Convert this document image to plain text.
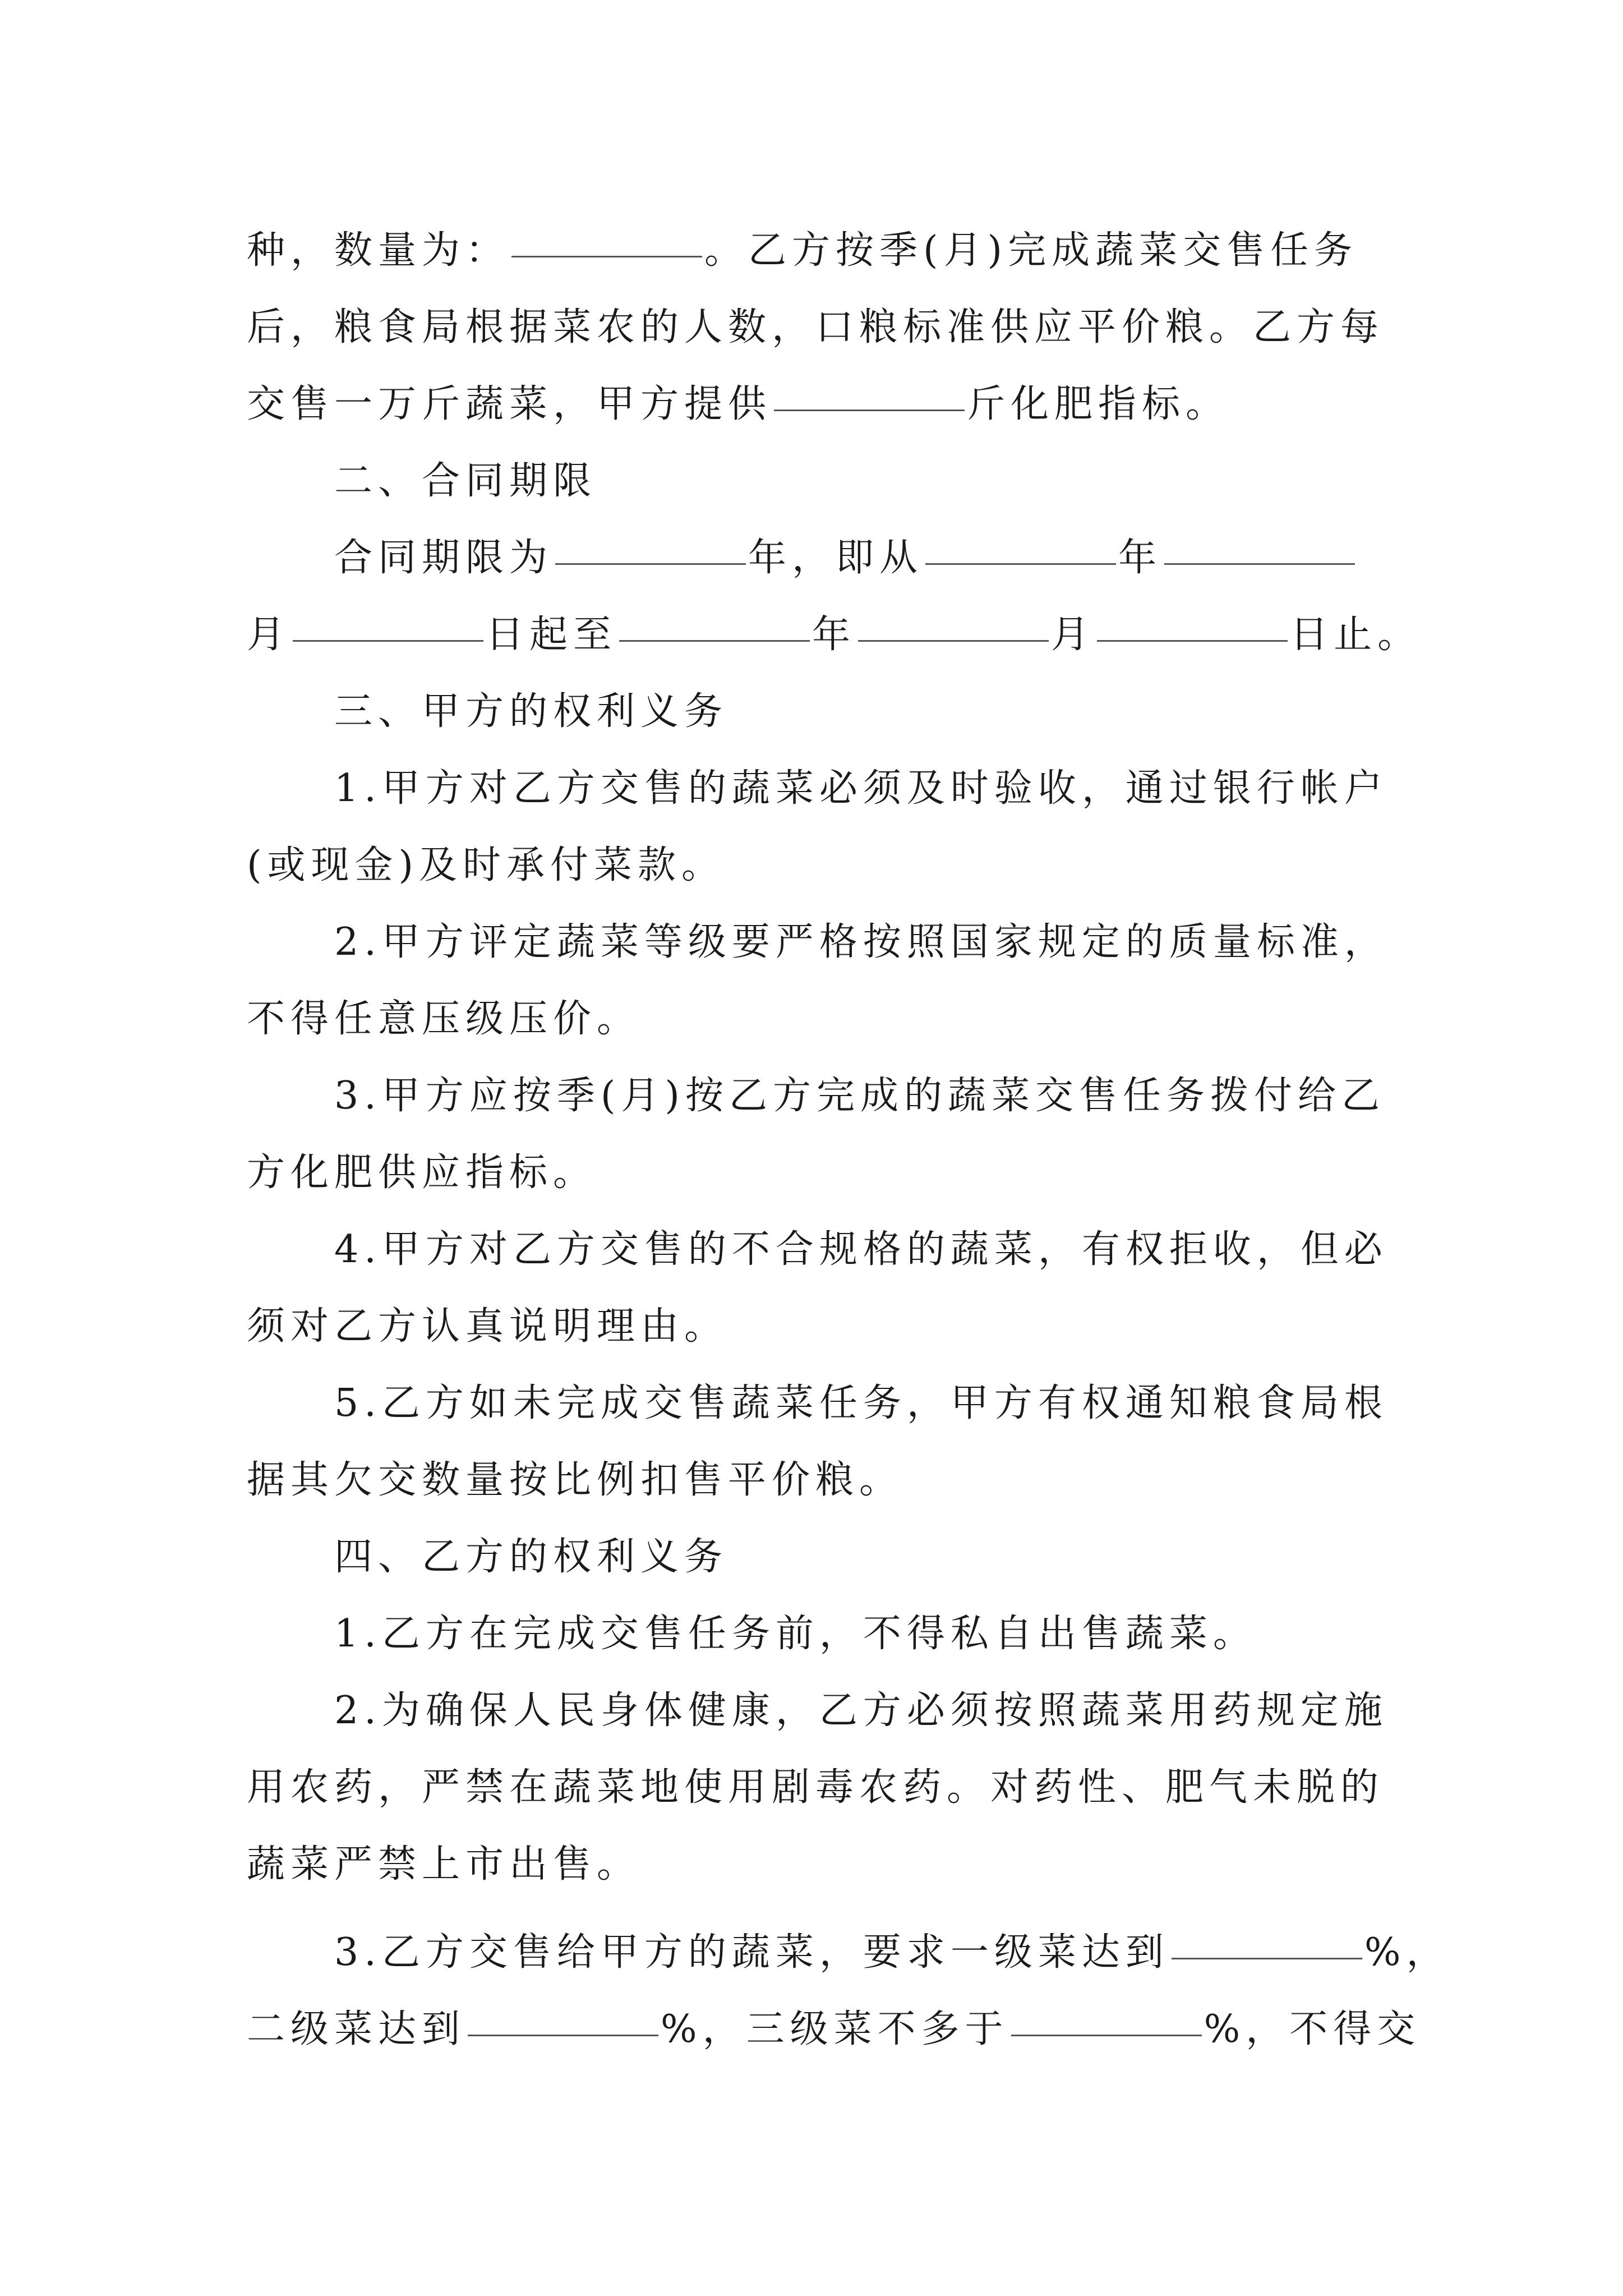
种，数量为：	。乙方按季(月)完成蔬菜交售任务
后，粮食局根据菜农的人数，口粮标准供应平价粮。乙方每
交售一万斤蔬菜，甲方提供	斤化肥指标。
二、合同期限
合同期限为	年，即从	年
月	日起至	年	月	日止。
三、甲方的权利义务
1.甲方对乙方交售的蔬菜必须及时验收，通过银行帐户
(或现金)及时承付菜款。
2.甲方评定蔬菜等级要严格按照国家规定的质量标准，
不得任意压级压价。
3.甲方应按季(月)按乙方完成的蔬菜交售任务拨付给乙
方化肥供应指标。
4.甲方对乙方交售的不合规格的蔬菜，有权拒收，但必
须对乙方认真说明理由。
5.乙方如未完成交售蔬菜任务，甲方有权通知粮食局根
据其欠交数量按比例扣售平价粮。
四、乙方的权利义务
1.乙方在完成交售任务前，不得私自出售蔬菜。
2.为确保人民身体健康，乙方必须按照蔬菜用药规定施
用农药，严禁在蔬菜地使用剧毒农药。对药性、肥气未脱的
蔬菜严禁上市出售。
3.乙方交售给甲方的蔬菜，要求一级菜达到	%，
二级菜达到	%，三级菜不多于	%，不得交
